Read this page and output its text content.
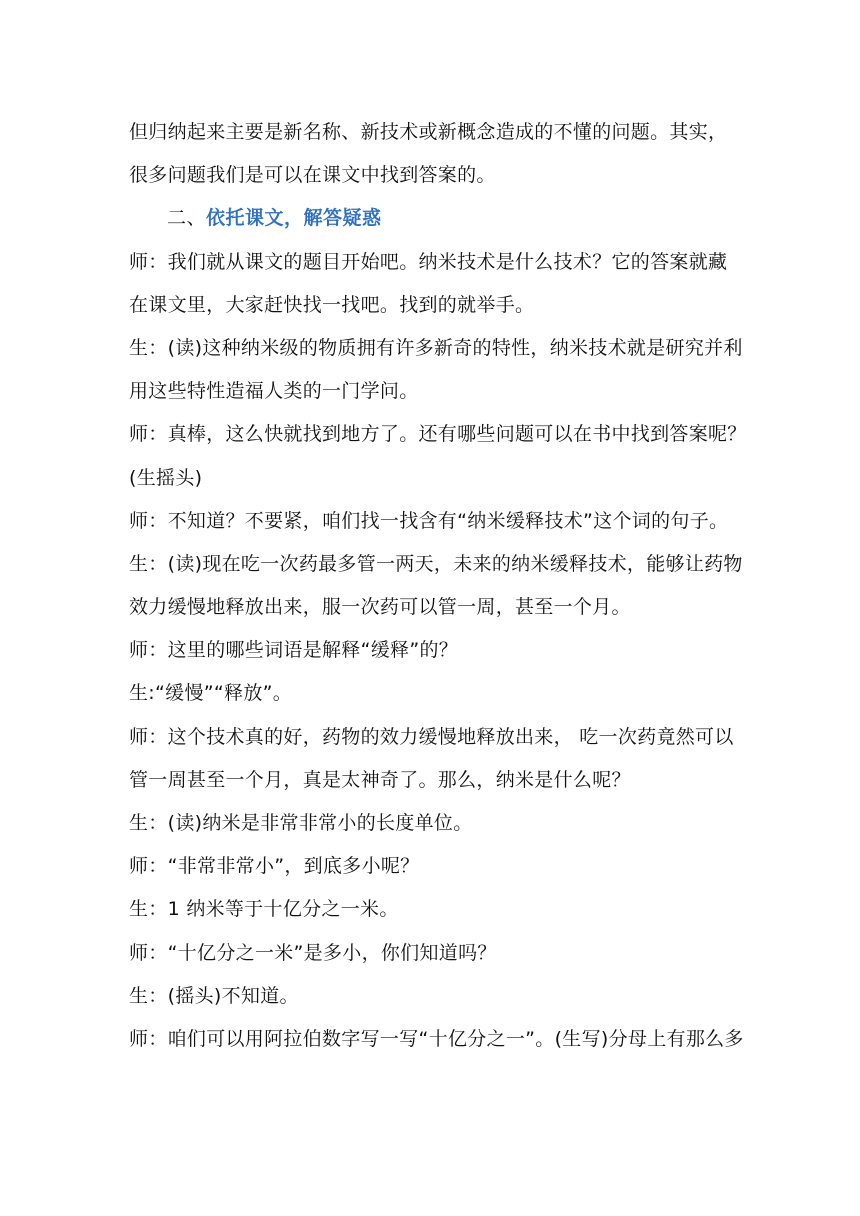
但归纳起来主要是新名称、新技术或新概念造成的不懂的问题。其实，
很多问题我们是可以在课文中找到答案的。
二、依托课文，解答疑惑
师：我们就从课文的题目开始吧。纳米技术是什么技术？它的答案就藏
在课文里，大家赶快找一找吧。找到的就举手。
生：(读)这种纳米级的物质拥有许多新奇的特性，纳米技术就是研究并利
用这些特性造福人类的一门学问。
师：真棒，这么快就找到地方了。还有哪些问题可以在书中找到答案呢？
(生摇头)
师：不知道？不要紧，咱们找一找含有“纳米缓释技术”这个词的句子。
生：(读)现在吃一次药最多管一两天，未来的纳米缓释技术，能够让药物
效力缓慢地释放出来，服一次药可以管一周，甚至一个月。
师：这里的哪些词语是解释“缓释”的？
生:“缓慢”“释放”。
师：这个技术真的好，药物的效力缓慢地释放出来， 吃一次药竟然可以
管一周甚至一个月，真是太神奇了。那么，纳米是什么呢？
生：(读)纳米是非常非常小的长度单位。
师：“非常非常小”，到底多小呢？
生：1 纳米等于十亿分之一米。
师：“十亿分之一米”是多小，你们知道吗？
生：(摇头)不知道。
师：咱们可以用阿拉伯数字写一写“十亿分之一”。(生写)分母上有那么多
